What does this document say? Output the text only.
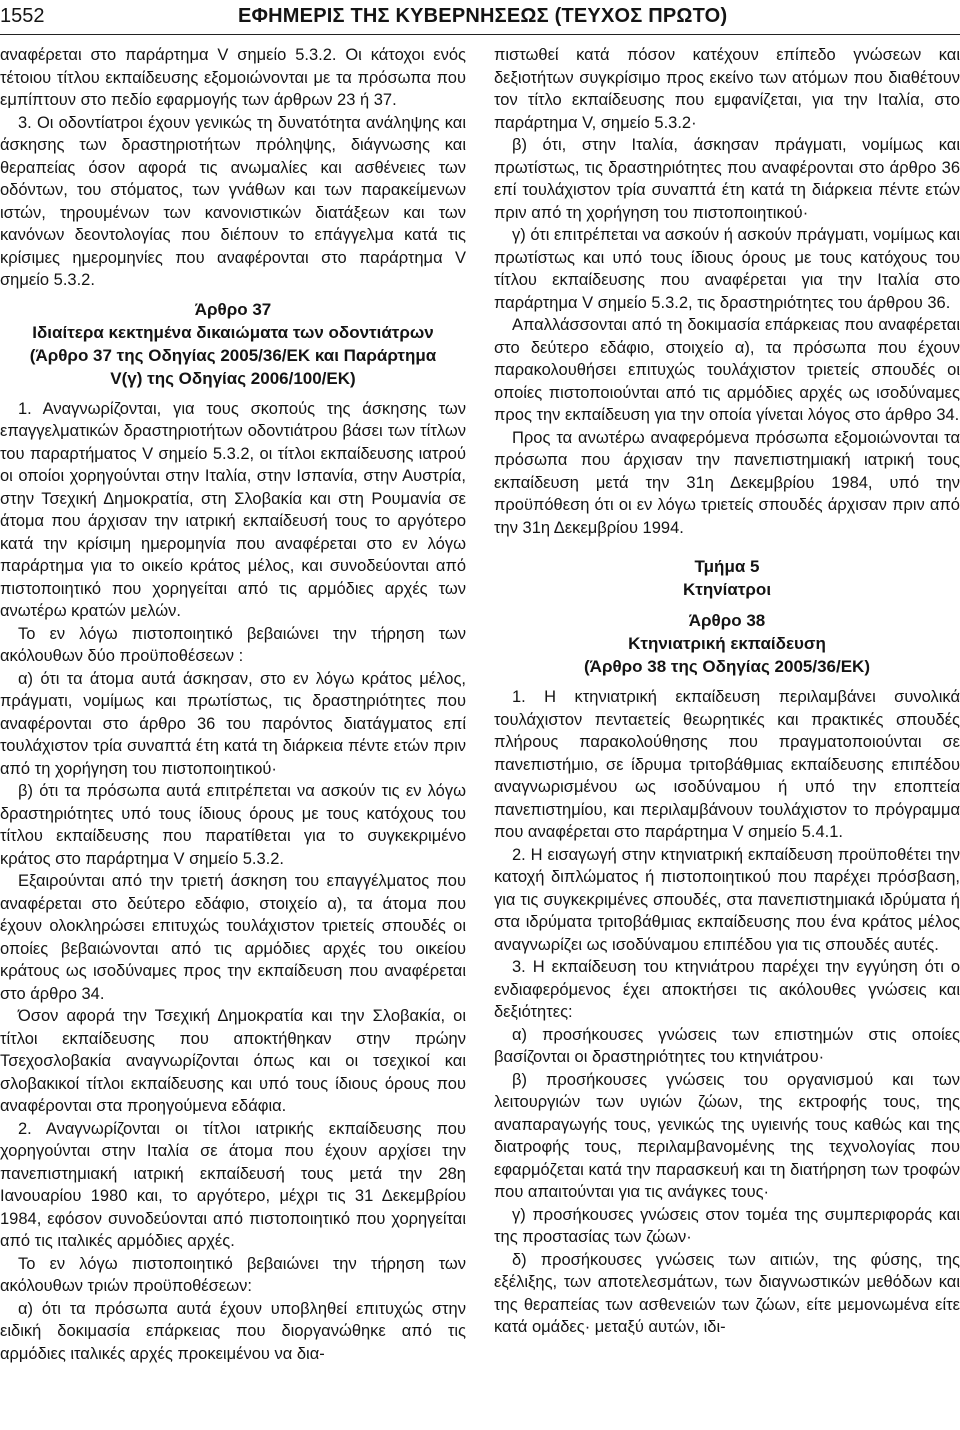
1552	ΕΦΗΜΕΡΙΣ ΤΗΣ ΚΥΒΕΡΝΗΣΕΩΣ (ΤΕΥΧΟΣ ΠΡΩΤΟ)

αναφέρεται στο παράρτημα V σημείο 5.3.2. Οι κάτοχοι ενός τέτοιου τίτλου εκπαίδευσης εξομοιώνονται με τα πρόσωπα που εμπίπτουν στο πεδίο εφαρμογής των άρθρων 23 ή 37.

3. Οι οδοντίατροι έχουν γενικώς τη δυνατότητα ανάληψης και άσκησης των δραστηριοτήτων πρόληψης, διάγνωσης και θεραπείας όσον αφορά τις ανωμαλίες και ασθένειες των οδόντων, του στόματος, των γνάθων και των παρακείμενων ιστών, τηρουμένων των κανονιστικών διατάξεων και των κανόνων δεοντολογίας που διέπουν το επάγγελμα κατά τις κρίσιμες ημερομηνίες που αναφέρονται στο παράρτημα V σημείο 5.3.2.

Άρθρο 37
Ιδιαίτερα κεκτημένα δικαιώματα των οδοντιάτρων
(Άρθρο 37 της Οδηγίας 2005/36/ΕΚ και Παράρτημα
V(γ) της Οδηγίας 2006/100/ΕΚ)

1. Αναγνωρίζονται, για τους σκοπούς της άσκησης των επαγγελματικών δραστηριοτήτων οδοντιάτρου βάσει των τίτλων του παραρτήματος V σημείο 5.3.2, οι τίτλοι εκπαίδευσης ιατρού οι οποίοι χορηγούνται στην Ιταλία, στην Ισπανία, στην Αυστρία, στην Τσεχική Δημοκρατία, στη Σλοβακία και στη Ρουμανία σε άτομα που άρχισαν την ιατρική εκπαίδευσή τους το αργότερο κατά την κρίσιμη ημερομηνία που αναφέρεται στο εν λόγω παράρτημα για το οικείο κράτος μέλος, και συνοδεύονται από πιστοποιητικό που χορηγείται από τις αρμόδιες αρχές των ανωτέρω κρατών μελών.

Το εν λόγω πιστοποιητικό βεβαιώνει την τήρηση των ακόλουθων δύο προϋποθέσεων :

α) ότι τα άτομα αυτά άσκησαν, στο εν λόγω κράτος μέλος, πράγματι, νομίμως και πρωτίστως, τις δραστηριότητες που αναφέρονται στο άρθρο 36 του παρόντος διατάγματος επί τουλάχιστον τρία συναπτά έτη κατά τη διάρκεια πέντε ετών πριν από τη χορήγηση του πιστοποιητικού·

β) ότι τα πρόσωπα αυτά επιτρέπεται να ασκούν τις εν λόγω δραστηριότητες υπό τους ίδιους όρους με τους κατόχους του τίτλου εκπαίδευσης που παρατίθεται για το συγκεκριμένο κράτος στο παράρτημα V σημείο 5.3.2.

Εξαιρούνται από την τριετή άσκηση του επαγγέλματος που αναφέρεται στο δεύτερο εδάφιο, στοιχείο α), τα άτομα που έχουν ολοκληρώσει επιτυχώς τουλάχιστον τριετείς σπουδές οι οποίες βεβαιώνονται από τις αρμόδιες αρχές του οικείου κράτους ως ισοδύναμες προς την εκπαίδευση που αναφέρεται στο άρθρο 34.

Όσον αφορά την Τσεχική Δημοκρατία και την Σλοβακία, οι τίτλοι εκπαίδευσης που αποκτήθηκαν στην πρώην Τσεχοσλοβακία αναγνωρίζονται όπως και οι τσεχικοί και σλοβακικοί τίτλοι εκπαίδευσης και υπό τους ίδιους όρους που αναφέρονται στα προηγούμενα εδάφια.

2. Αναγνωρίζονται οι τίτλοι ιατρικής εκπαίδευσης που χορηγούνται στην Ιταλία σε άτομα που έχουν αρχίσει την πανεπιστημιακή ιατρική εκπαίδευσή τους μετά την 28η Ιανουαρίου 1980 και, το αργότερο, μέχρι τις 31 Δεκεμβρίου 1984, εφόσον συνοδεύονται από πιστοποιητικό που χορηγείται από τις ιταλικές αρμόδιες αρχές.

Το εν λόγω πιστοποιητικό βεβαιώνει την τήρηση των ακόλουθων τριών προϋποθέσεων:

α) ότι τα πρόσωπα αυτά έχουν υποβληθεί επιτυχώς στην ειδική δοκιμασία επάρκειας που διοργανώθηκε από τις αρμόδιες ιταλικές αρχές προκειμένου να δια-

πιστωθεί κατά πόσον κατέχουν επίπεδο γνώσεων και δεξιοτήτων συγκρίσιμο προς εκείνο των ατόμων που διαθέτουν τον τίτλο εκπαίδευσης που εμφανίζεται, για την Ιταλία, στο παράρτημα V, σημείο 5.3.2·

β) ότι, στην Ιταλία, άσκησαν πράγματι, νομίμως και πρωτίστως, τις δραστηριότητες που αναφέρονται στο άρθρο 36 επί τουλάχιστον τρία συναπτά έτη κατά τη διάρκεια πέντε ετών πριν από τη χορήγηση του πιστοποιητικού·

γ) ότι επιτρέπεται να ασκούν ή ασκούν πράγματι, νομίμως και πρωτίστως και υπό τους ίδιους όρους με τους κατόχους του τίτλου εκπαίδευσης που αναφέρεται για την Ιταλία στο παράρτημα V σημείο 5.3.2, τις δραστηριότητες του άρθρου 36.

Απαλλάσσονται από τη δοκιμασία επάρκειας που αναφέρεται στο δεύτερο εδάφιο, στοιχείο α), τα πρόσωπα που έχουν παρακολουθήσει επιτυχώς τουλάχιστον τριετείς σπουδές οι οποίες πιστοποιούνται από τις αρμόδιες αρχές ως ισοδύναμες προς την εκπαίδευση για την οποία γίνεται λόγος στο άρθρο 34.

Προς τα ανωτέρω αναφερόμενα πρόσωπα εξομοιώνονται τα πρόσωπα που άρχισαν την πανεπιστημιακή ιατρική τους εκπαίδευση μετά την 31η Δεκεμβρίου 1984, υπό την προϋπόθεση ότι οι εν λόγω τριετείς σπουδές άρχισαν πριν από την 31η Δεκεμβρίου 1994.

Τμήμα 5
Κτηνίατροι
Άρθρο 38
Κτηνιατρική εκπαίδευση
(Άρθρο 38 της Οδηγίας 2005/36/ΕΚ)

1. Η κτηνιατρική εκπαίδευση περιλαμβάνει συνολικά τουλάχιστον πενταετείς θεωρητικές και πρακτικές σπουδές πλήρους παρακολούθησης που πραγματοποιούνται σε πανεπιστήμιο, σε ίδρυμα τριτοβάθμιας εκπαίδευσης επιπέδου αναγνωρισμένου ως ισοδύναμου ή υπό την εποπτεία πανεπιστημίου, και περιλαμβάνουν τουλάχιστον το πρόγραμμα που αναφέρεται στο παράρτημα V σημείο 5.4.1.

2. Η εισαγωγή στην κτηνιατρική εκπαίδευση προϋποθέτει την κατοχή διπλώματος ή πιστοποιητικού που παρέχει πρόσβαση, για τις συγκεκριμένες σπουδές, στα πανεπιστημιακά ιδρύματα ή στα ιδρύματα τριτοβάθμιας εκπαίδευσης που ένα κράτος μέλος αναγνωρίζει ως ισοδύναμου επιπέδου για τις σπουδές αυτές.

3. Η εκπαίδευση του κτηνιάτρου παρέχει την εγγύηση ότι ο ενδιαφερόμενος έχει αποκτήσει τις ακόλουθες γνώσεις και δεξιότητες:

α) προσήκουσες γνώσεις των επιστημών στις οποίες βασίζονται οι δραστηριότητες του κτηνιάτρου·

β) προσήκουσες γνώσεις του οργανισμού και των λειτουργιών των υγιών ζώων, της εκτροφής τους, της αναπαραγωγής τους, γενικώς της υγιεινής τους καθώς και της διατροφής τους, περιλαμβανομένης της τεχνολογίας που εφαρμόζεται κατά την παρασκευή και τη διατήρηση των τροφών που απαιτούνται για τις ανάγκες τους·

γ) προσήκουσες γνώσεις στον τομέα της συμπεριφοράς και της προστασίας των ζώων·

δ) προσήκουσες γνώσεις των αιτιών, της φύσης, της εξέλιξης, των αποτελεσμάτων, των διαγνωστικών μεθόδων και της θεραπείας των ασθενειών των ζώων, είτε μεμονωμένα είτε κατά ομάδες· μεταξύ αυτών, ιδι-
